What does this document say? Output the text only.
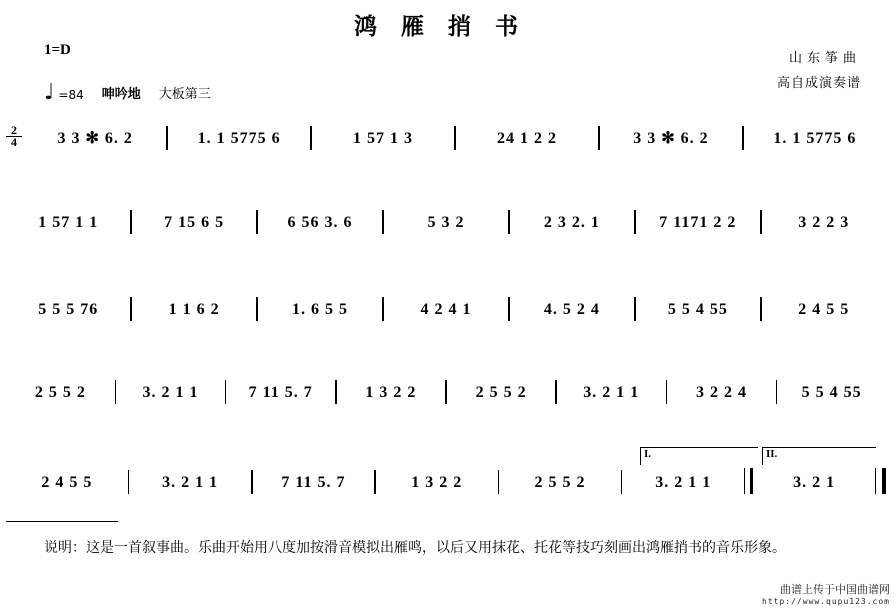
鸿雁捎书
1=D
山东筝曲
高自成演奏谱
♩ =84 呻吟地 大板第三
2
4	3 3 ✻ 6. 2	1. 1 5775 6	1 57 1 3	24 1 2 2	3 3 ✻ 6. 2	1. 1 5775 6
1 57 1 1	7 15 6 5	6 56 3. 6	5 3 2	2 3 2. 1	7 1171 2 2	3 2 2 3
5 5 5 76	1 1 6 2	1. 6 5 5	4 2 4 1	4. 5 2 4	5 5 4 55	2 4 5 5
2 5 5 2	3. 2 1 1	7 11 5. 7	1 3 2 2	2 5 5 2	3. 2 1 1	3 2 2 4	5 5 4 55
I.	II.
2 4 5 5	3. 2 1 1	7 11 5. 7	1 3 2 2	2 5 5 2	3. 2 1 1	3. 2 1
说明：这是一首叙事曲。乐曲开始用八度加按滑音模拟出雁鸣，以后又用抹花、托花等技巧刻画出鸿雁捎书的音乐形象。
曲谱上传于中国曲谱网
http://www.qupu123.com
